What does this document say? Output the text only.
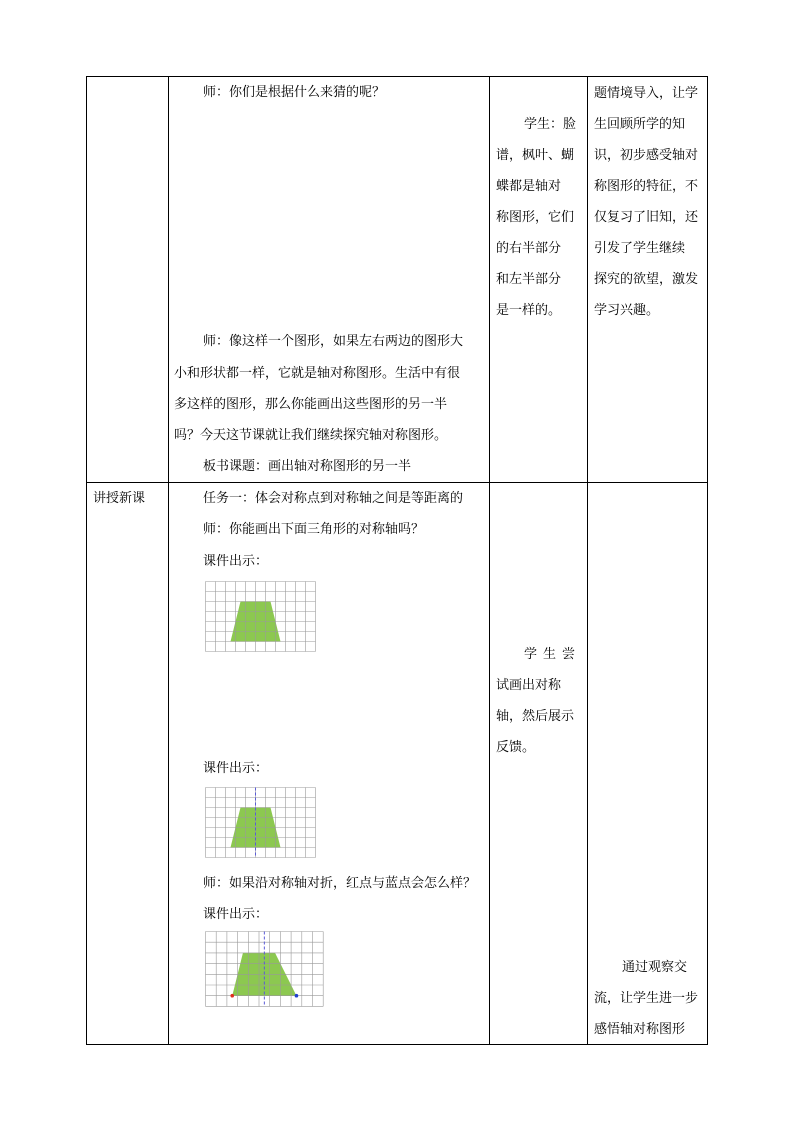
师：你们是根据什么来猜的呢？
师：像这样一个图形，如果左右两边的图形大
小和形状都一样，它就是轴对称图形。生活中有很
多这样的图形，那么你能画出这些图形的另一半
吗？今天这节课就让我们继续探究轴对称图形。
板书课题：画出轴对称图形的另一半
学生：脸
谱，枫叶、蝴
蝶都是轴对
称图形，它们
的右半部分
和左半部分
是一样的。
题情境导入，让学
生回顾所学的知
识，初步感受轴对
称图形的特征，不
仅复习了旧知，还
引发了学生继续
探究的欲望，激发
学习兴趣。
讲授新课	任务一：体会对称点到对称轴之间是等距离的
师：你能画出下面三角形的对称轴吗？
课件出示：
课件出示：
师：如果沿对称轴对折，红点与蓝点会怎么样？
课件出示：
学生尝
试画出对称
轴，然后展示
反馈。
通过观察交
流，让学生进一步
感悟轴对称图形
